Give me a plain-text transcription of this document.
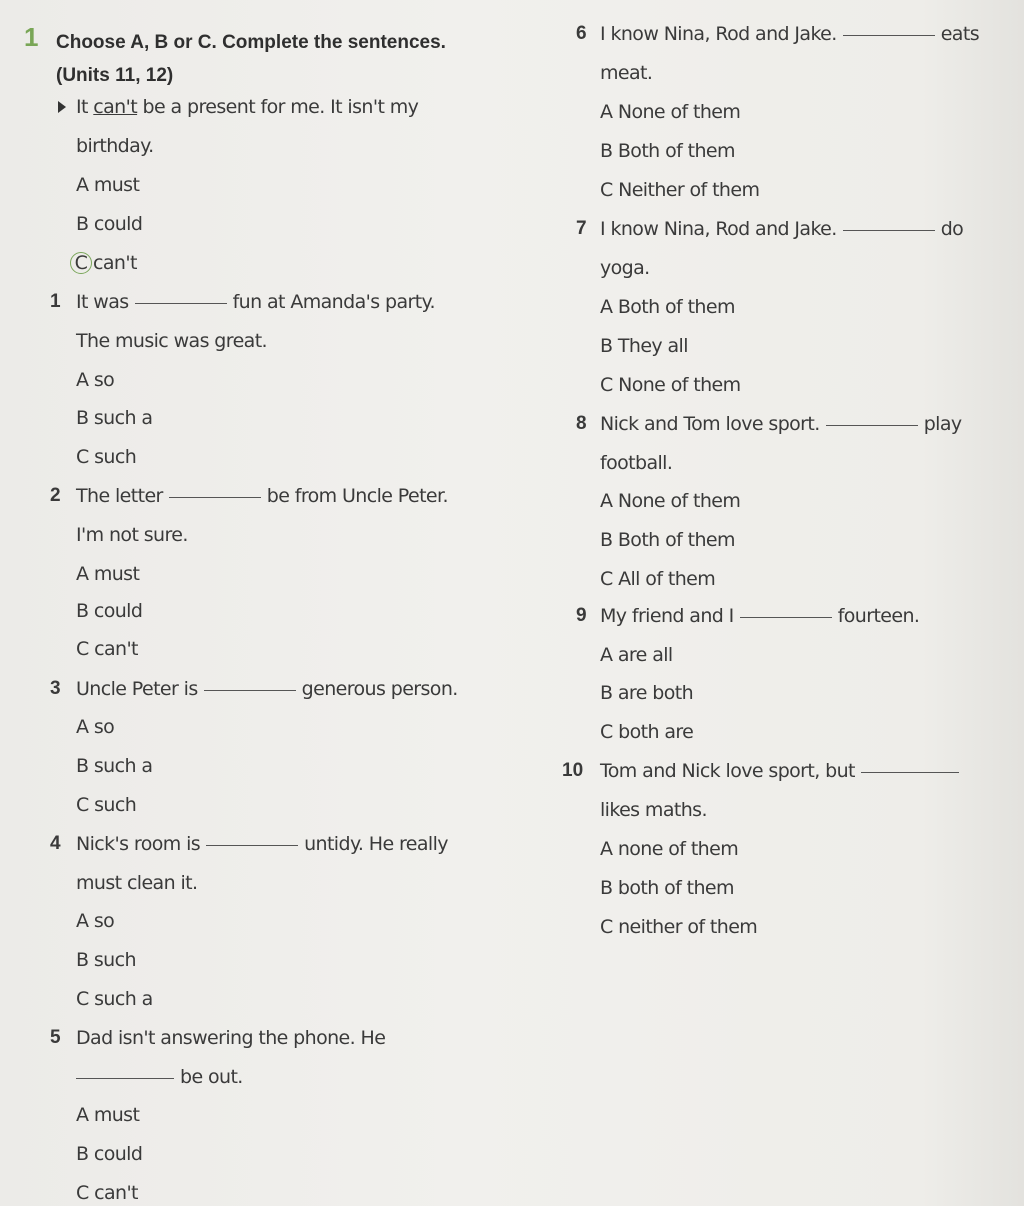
1 Choose A, B or C. Complete the sentences.
(Units 11, 12)
It can't be a present for me. It isn't my
birthday.
A must
B could
C can't
1 It was	fun at Amanda's party.
The music was great.
A so
B such a
C such
2 The letter	be from Uncle Peter.
I'm not sure.
A must
B could
C can't
3 Uncle Peter is	generous person.
A so
B such a
C such
4 Nick's room is	untidy. He really
must clean it.
A so
B such
C such a
5 Dad isn't answering the phone. He
be out.
A must
B could
C can't
6 I know Nina, Rod and Jake.	eats
meat.
A None of them
B Both of them
C Neither of them
7 I know Nina, Rod and Jake.	do
yoga.
A Both of them
B They all
C None of them
8 Nick and Tom love sport.	play
football.
A None of them
B Both of them
C All of them
9 My friend and I	fourteen.
A are all
B are both
C both are
10 Tom and Nick love sport, but
likes maths.
A none of them
B both of them
C neither of them
